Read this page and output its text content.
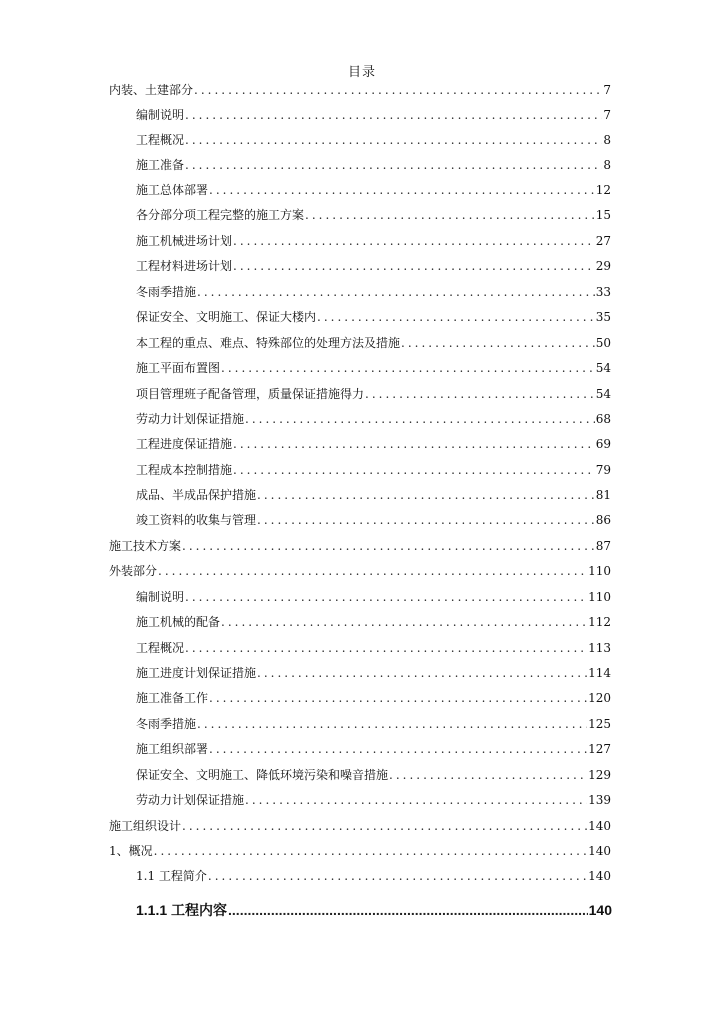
目录
内装、土建部分 .....	7
编制说明 .....	7
工程概况 .....	8
施工准备 .....	8
施工总体部署 .....	12
各分部分项工程完整的施工方案 .....	15
施工机械进场计划 .....	27
工程材料进场计划 .....	29
冬雨季措施 .....	33
保证安全、文明施工、保证大楼内 .....	35
本工程的重点、难点、特殊部位的处理方法及措施 .....	50
施工平面布置图 .....	54
项目管理班子配备管理，质量保证措施得力 .....	54
劳动力计划保证措施 .....	68
工程进度保证措施 .....	69
工程成本控制措施 .....	79
成品、半成品保护措施 .....	81
竣工资料的收集与管理 .....	86
施工技术方案 .....	87
外装部分 .....	110
编制说明 .....	110
施工机械的配备 .....	112
工程概况 .....	113
施工进度计划保证措施 .....	114
施工准备工作 .....	120
冬雨季措施 .....	125
施工组织部署 .....	127
保证安全、文明施工、降低环境污染和噪音措施 .....	129
劳动力计划保证措施 .....	139
施工组织设计 .....	140
1、概况 .....	140
1.1 工程简介 .....	140
1.1.1 工程内容 .....	140
